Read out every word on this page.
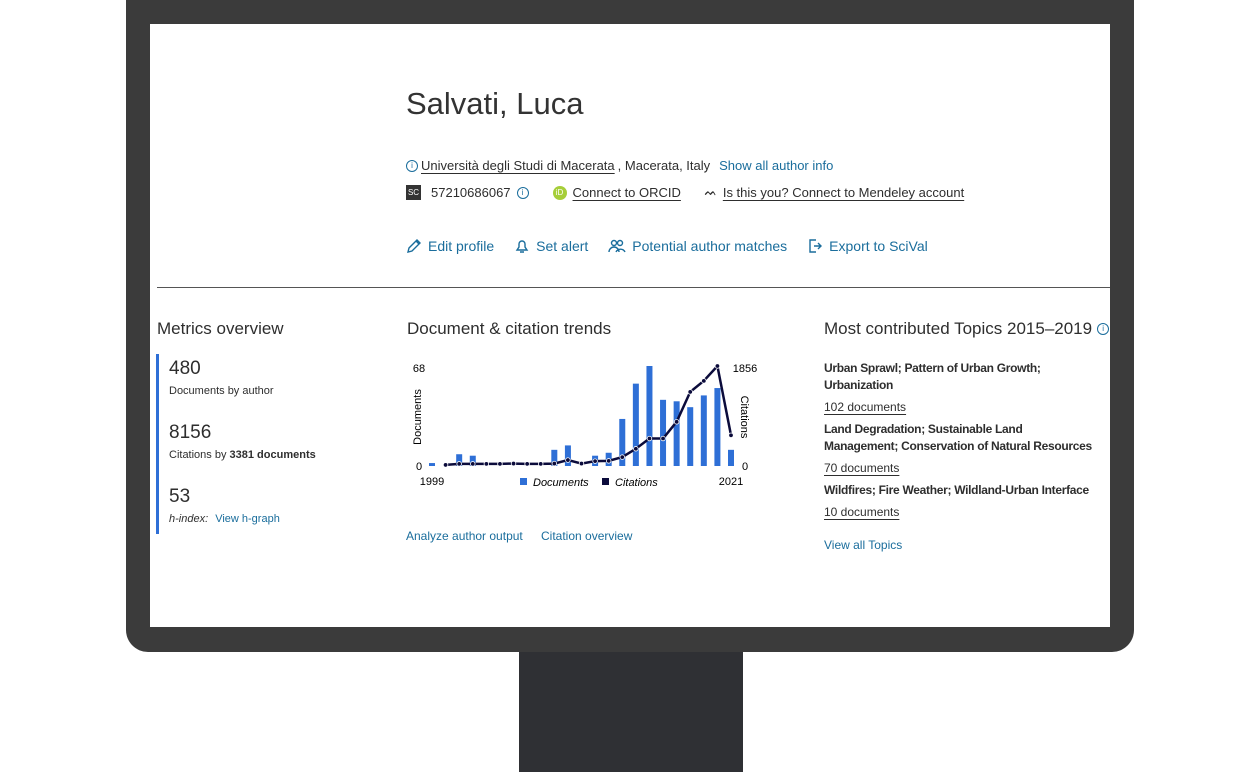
Salvati, Luca
i Università degli Studi di Macerata , Macerata, Italy Show all author info
SC 57210686067	i	iD Connect to ORCID ᨓ Is this you? Connect to Mendeley account
Edit profile	Set alert	Potential author matches	Export to SciVal
Metrics overview
480
Documents by author
8156
Citations by 3381 documents
53
h-index: View h-graph
Document & citation trends
68
0
1856
0
Documents	Citations
1999	2021
Documents Citations
Analyze author output Citation overview
Most contributed Topics 2015–2019	i
Urban Sprawl; Pattern of Urban Growth; Urbanization
102 documents
Land Degradation; Sustainable Land Management; Conservation of Natural Resources
70 documents
Wildfires; Fire Weather; Wildland-Urban Interface
10 documents
View all Topics
